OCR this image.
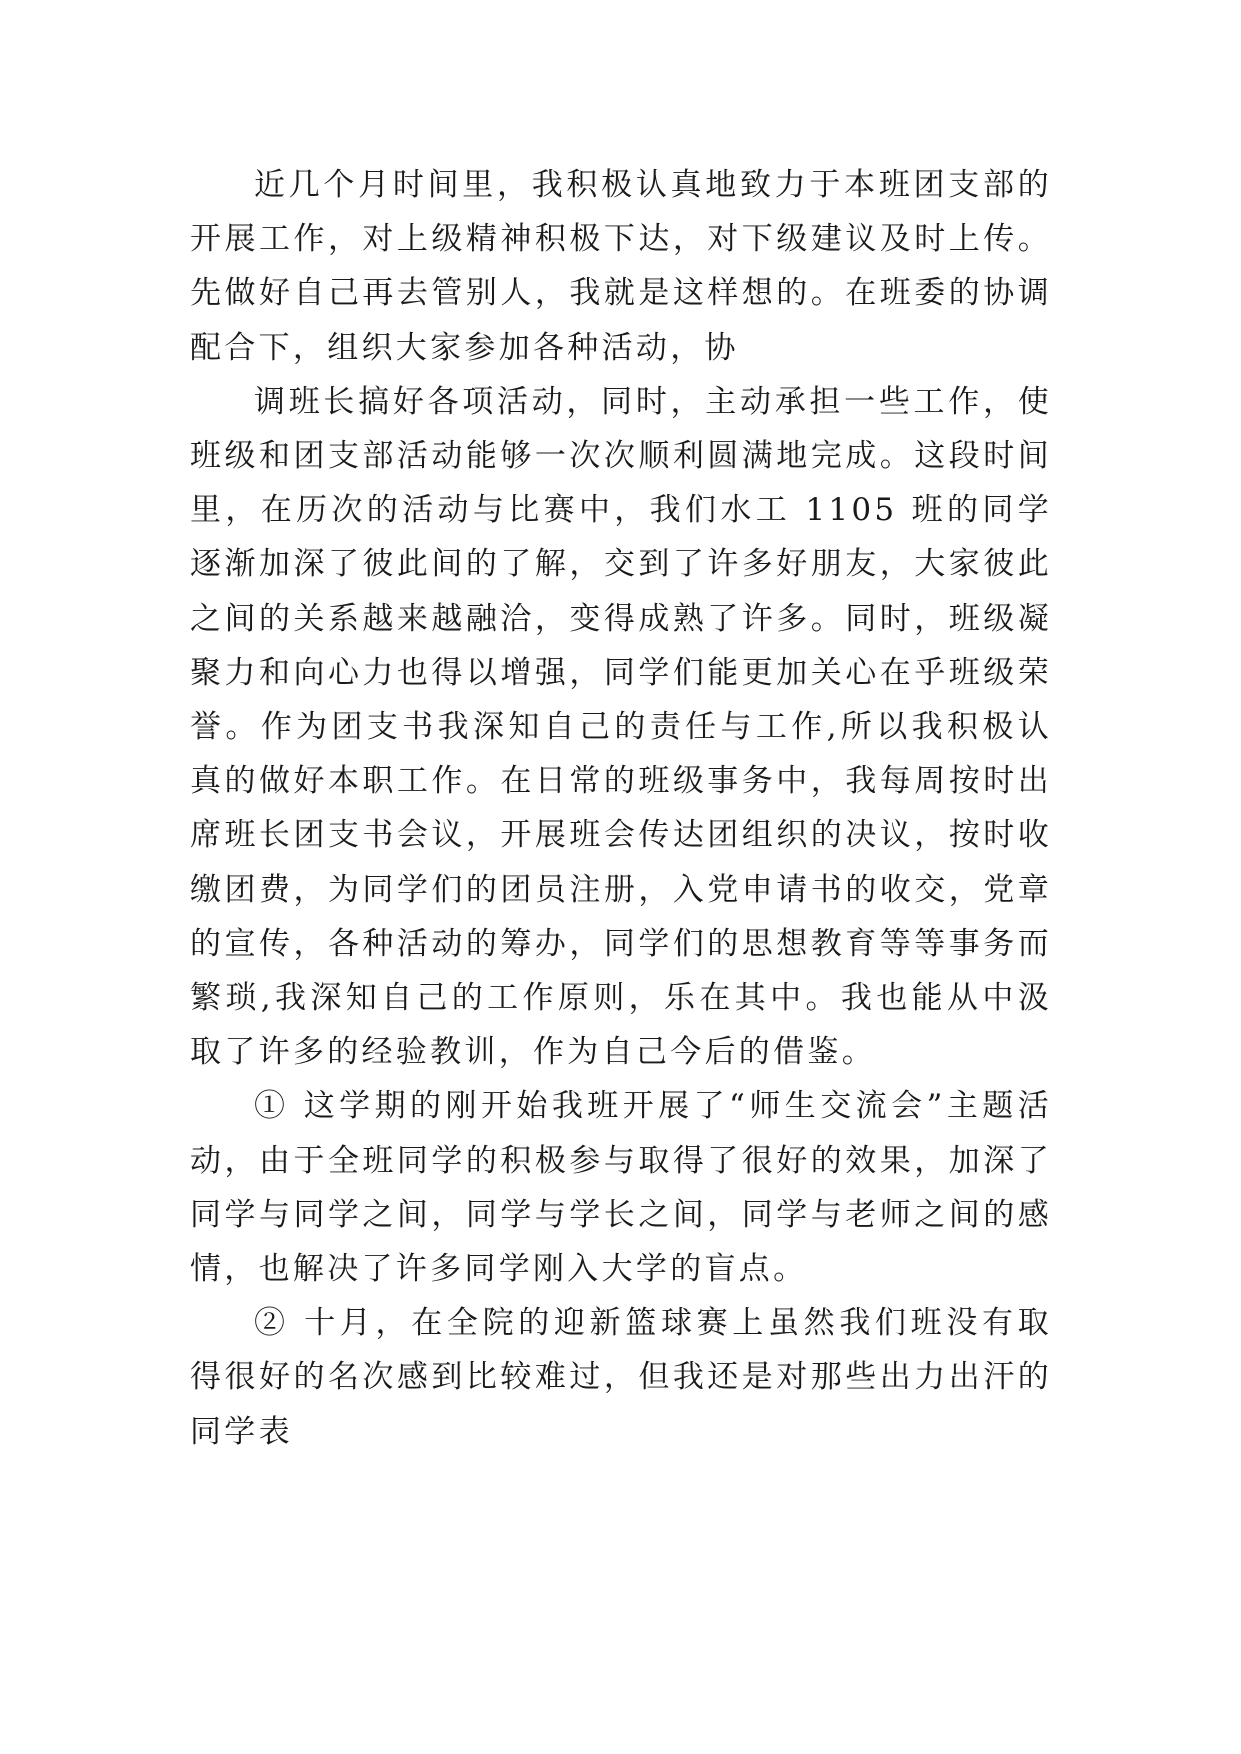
近几个月时间里，我积极认真地致力于本班团支部的开展工作，对上级精神积极下达，对下级建议及时上传。先做好自己再去管别人，我就是这样想的。在班委的协调配合下，组织大家参加各种活动，协

调班长搞好各项活动，同时，主动承担一些工作，使班级和团支部活动能够一次次顺利圆满地完成。这段时间里，在历次的活动与比赛中，我们水工 1105 班的同学逐渐加深了彼此间的了解，交到了许多好朋友，大家彼此之间的关系越来越融洽，变得成熟了许多。同时，班级凝聚力和向心力也得以增强，同学们能更加关心在乎班级荣誉。作为团支书我深知自己的责任与工作,所以我积极认真的做好本职工作。在日常的班级事务中，我每周按时出席班长团支书会议，开展班会传达团组织的决议，按时收缴团费，为同学们的团员注册，入党申请书的收交，党章的宣传，各种活动的筹办，同学们的思想教育等等事务而繁琐,我深知自己的工作原则，乐在其中。我也能从中汲取了许多的经验教训，作为自己今后的借鉴。

① 这学期的刚开始我班开展了“师生交流会”主题活动，由于全班同学的积极参与取得了很好的效果，加深了同学与同学之间，同学与学长之间，同学与老师之间的感情，也解决了许多同学刚入大学的盲点。

② 十月，在全院的迎新篮球赛上虽然我们班没有取得很好的名次感到比较难过，但我还是对那些出力出汗的同学表
